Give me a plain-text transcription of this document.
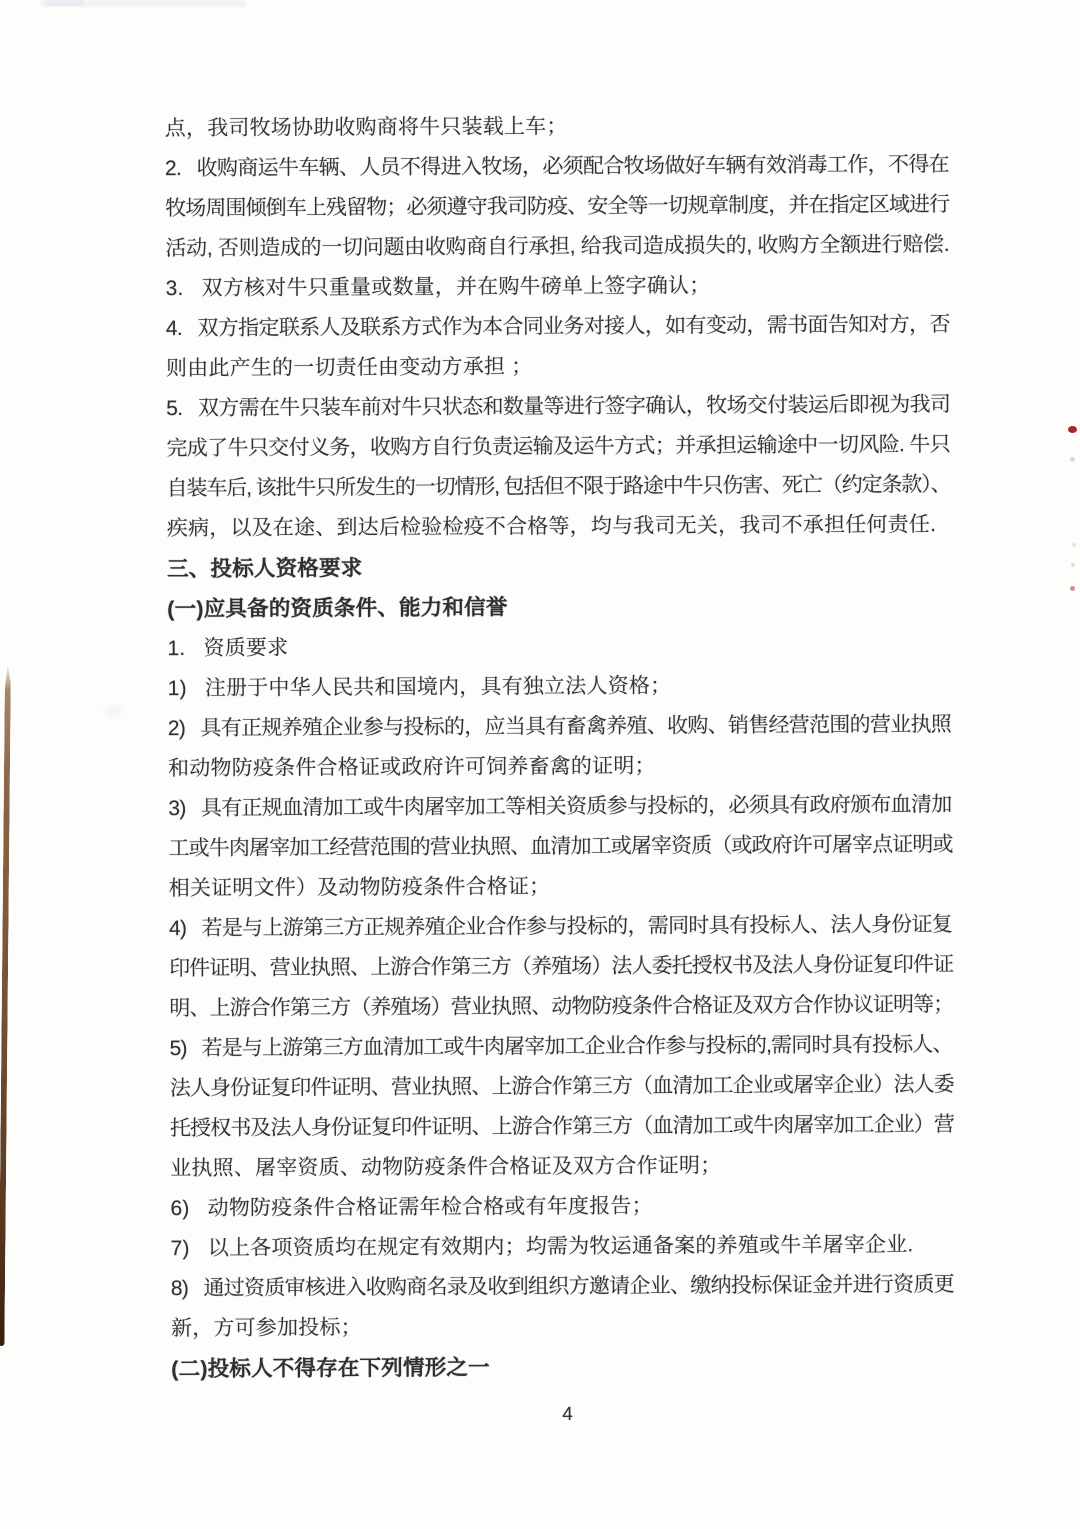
点，我司牧场协助收购商将牛只装载上车；
2.   收购商运牛车辆、人员不得进入牧场，必须配合牧场做好车辆有效消毒工作，不得在
牧场周围倾倒车上残留物；必须遵守我司防疫、安全等一切规章制度，并在指定区域进行
活动, 否则造成的一切问题由收购商自行承担, 给我司造成损失的, 收购方全额进行赔偿.
3.   双方核对牛只重量或数量，并在购牛磅单上签字确认；
4.   双方指定联系人及联系方式作为本合同业务对接人，如有变动，需书面告知对方，否
则由此产生的一切责任由变动方承担 ；
5.   双方需在牛只装车前对牛只状态和数量等进行签字确认，牧场交付装运后即视为我司
完成了牛只交付义务，收购方自行负责运输及运牛方式；并承担运输途中一切风险. 牛只
自装车后, 该批牛只所发生的一切情形, 包括但不限于路途中牛只伤害、死亡（约定条款）、
疾病，以及在途、到达后检验检疫不合格等，均与我司无关，我司不承担任何责任.
三、投标人资格要求
(一)应具备的资质条件、能力和信誉
1.   资质要求
1)   注册于中华人民共和国境内，具有独立法人资格；
2)   具有正规养殖企业参与投标的，应当具有畜禽养殖、收购、销售经营范围的营业执照
和动物防疫条件合格证或政府许可饲养畜禽的证明；
3)   具有正规血清加工或牛肉屠宰加工等相关资质参与投标的，必须具有政府颁布血清加
工或牛肉屠宰加工经营范围的营业执照、血清加工或屠宰资质（或政府许可屠宰点证明或
相关证明文件）及动物防疫条件合格证；
4)   若是与上游第三方正规养殖企业合作参与投标的，需同时具有投标人、法人身份证复
印件证明、营业执照、上游合作第三方（养殖场）法人委托授权书及法人身份证复印件证
明、上游合作第三方（养殖场）营业执照、动物防疫条件合格证及双方合作协议证明等；
5)   若是与上游第三方血清加工或牛肉屠宰加工企业合作参与投标的,需同时具有投标人、
法人身份证复印件证明、营业执照、上游合作第三方（血清加工企业或屠宰企业）法人委
托授权书及法人身份证复印件证明、上游合作第三方（血清加工或牛肉屠宰加工企业）营
业执照、屠宰资质、动物防疫条件合格证及双方合作证明；
6)   动物防疫条件合格证需年检合格或有年度报告；
7)   以上各项资质均在规定有效期内；均需为牧运通备案的养殖或牛羊屠宰企业.
8)   通过资质审核进入收购商名录及收到组织方邀请企业、缴纳投标保证金并进行资质更
新，方可参加投标；
(二)投标人不得存在下列情形之一
4
